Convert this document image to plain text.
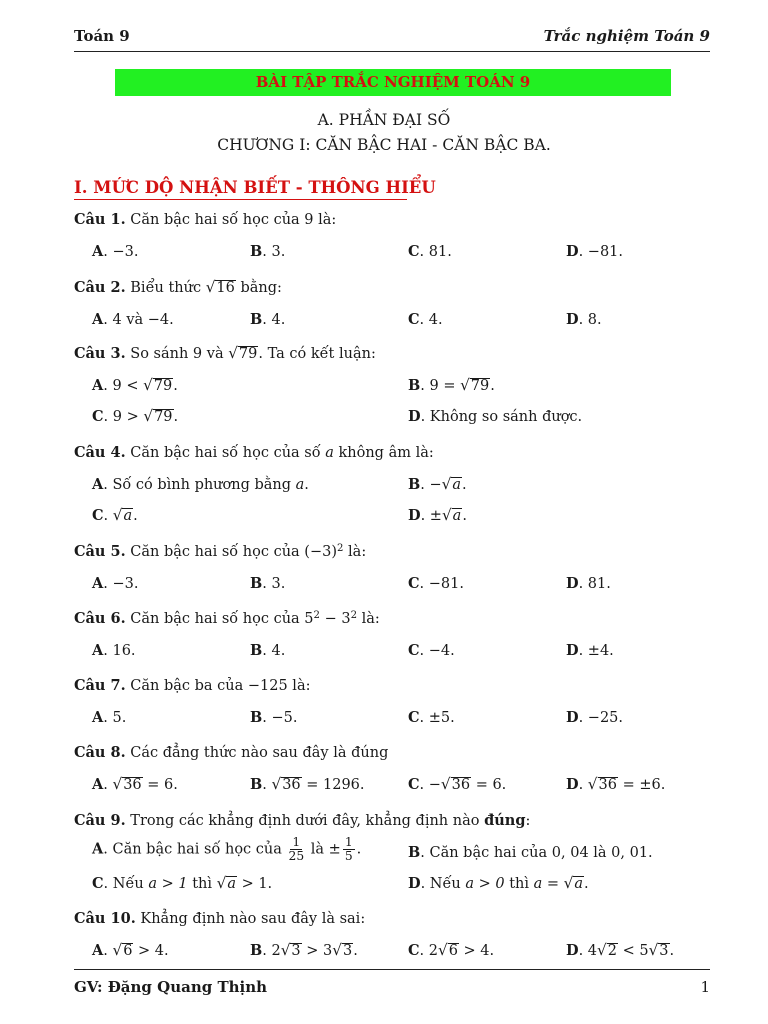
Toán 9	Trắc nghiệm Toán 9
BÀI TẬP TRẮC NGHIỆM TOÁN 9
A. PHẦN ĐẠI SỐ
CHƯƠNG I: CĂN BẬC HAI - CĂN BẬC BA.
I. MỨC DỘ NHẬN BIẾT - THÔNG HIỂU
Câu 1. Căn bậc hai số học của 9 là:
A. −3.	B. 3.	C. 81.	D. −81.
Câu 2. Biểu thức √ 16 bằng:
A. 4 và −4.	B. 4.	C. 4.	D. 8.
Câu 3. So sánh 9 và √ 79 . Ta có kết luận:
A. 9 < √ 79 .	B. 9 = √ 79 .
C. 9 > √ 79 .	D. Không so sánh được.
Câu 4. Căn bậc hai số học của số a không âm là:
A. Số có bình phương bằng a.	B. − √ a .
C. √ a .	D. ± √ a .
Câu 5. Căn bậc hai số học của $(-3)^2$ là:
A. −3.	B. 3.	C. −81.	D. 81.
Câu 6. Căn bậc hai số học của $5^2 - 3^2$ là:
A. 16.	B. 4.	C. −4.	D. ±4.
Câu 7. Căn bậc ba của −125 là:
A. 5.	B. −5.	C. ±5.	D. −25.
Câu 8. Các đẳng thức nào sau đây là đúng
A. √ 36 = 6.	B. √ 36 = 1296.	C. − √ 36 = 6.	D. √ 36 = ±6.
Câu 9. Trong các khẳng định dưới đây, khẳng định nào đúng:
A. Căn bậc hai số học của $\frac{1}{25}$ là ± $\frac{1}{5}$ .	B. Căn bậc hai của 0, 04 là 0, 01.
C. Nếu a > 1 thì √ a > 1.	D. Nếu a > 0 thì a = √ a .
Câu 10. Khẳng định nào sau đây là sai:
A. √ 6 > 4.	B. 2 √ 3 > 3 √ 3 .	C. 2 √ 6 > 4.	D. 4 √ 2 < 5 √ 3 .
GV: Đặng Quang Thịnh	1
